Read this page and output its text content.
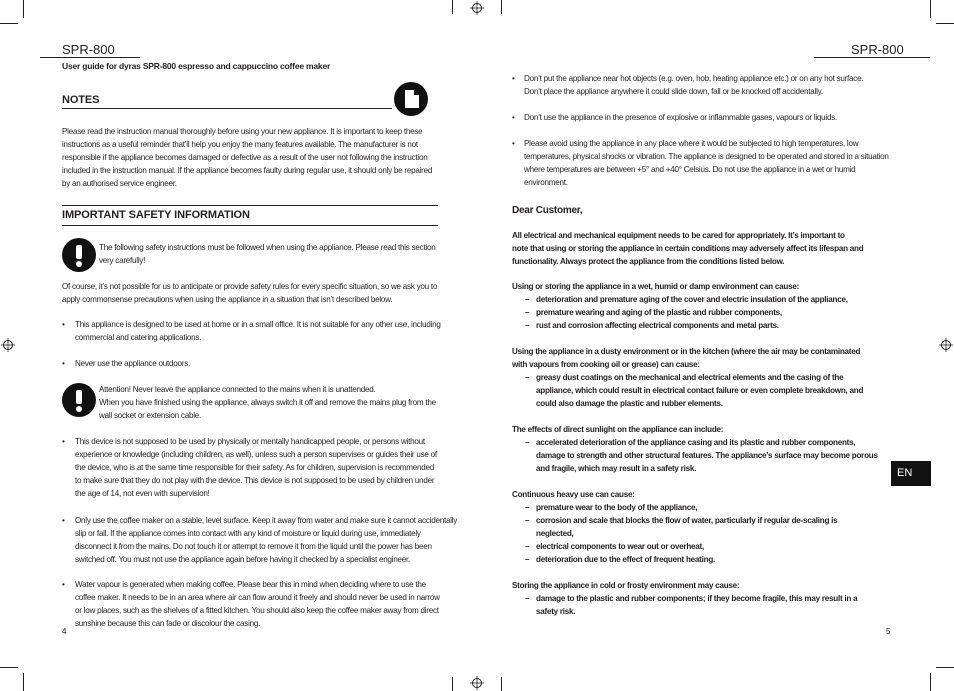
SPR-800
User guide for dyras SPR-800 espresso and cappuccino coffee maker
NOTES
Please read the instruction manual thoroughly before using your new appliance. It is important to keep these
instructions as a useful reminder that’ll help you enjoy the many features available. The manufacturer is not
responsible if the appliance becomes damaged or defective as a result of the user not following the instruction
included in the instruction manual. If the appliance becomes faulty during regular use, it should only be repaired
by an authorised service engineer.
IMPORTANT SAFETY INFORMATION
The following safety instructions must be followed when using the appliance. Please read this section
very carefully!
Of course, it’s not possible for us to anticipate or provide safety rules for every specific situation, so we ask you to
apply commonsense precautions when using the appliance in a situation that isn’t described below.
• This appliance is designed to be used at home or in a small office. It is not suitable for any other use, including
commercial and catering applications.
• Never use the appliance outdoors.
Attention! Never leave the appliance connected to the mains when it is unattended.
When you have finished using the appliance, always switch it off and remove the mains plug from the
wall socket or extension cable.
• This device is not supposed to be used by physically or mentally handicapped people, or persons without
experience or knowledge (including children, as well), unless such a person supervises or guides their use of
the device, who is at the same time responsible for their safety. As for children, supervision is recommended
to make sure that they do not play with the device. This device is not supposed to be used by children under
the age of 14, not even with supervision!
• Only use the coffee maker on a stable, level surface. Keep it away from water and make sure it cannot accidentally
slip or fall. If the appliance comes into contact with any kind of moisture or liquid during use, immediately
disconnect it from the mains. Do not touch it or attempt to remove it from the liquid until the power has been
switched off. You must not use the appliance again before having it checked by a specialist engineer.
• Water vapour is generated when making coffee. Please bear this in mind when deciding where to use the
coffee maker. It needs to be in an area where air can flow around it freely and should never be used in narrow
or low places, such as the shelves of a fitted kitchen. You should also keep the coffee maker away from direct
sunshine because this can fade or discolour the casing.
4
SPR-800
• Don’t put the appliance near hot objects (e.g. oven, hob, heating appliance etc.) or on any hot surface.
Don’t place the appliance anywhere it could slide down, fall or be knocked off accidentally.
• Don’t use the appliance in the presence of explosive or inflammable gases, vapours or liquids.
• Please avoid using the appliance in any place where it would be subjected to high temperatures, low
temperatures, physical shocks or vibration. The appliance is designed to be operated and stored in a situation
where temperatures are between +5° and +40° Celsius. Do not use the appliance in a wet or humid
environment.
Dear Customer,
All electrical and mechanical equipment needs to be cared for appropriately. It’s important to
note that using or storing the appliance in certain conditions may adversely affect its lifespan and
functionality. Always protect the appliance from the conditions listed below.
Using or storing the appliance in a wet, humid or damp environment can cause:
– deterioration and premature aging of the cover and electric insulation of the appliance,
– premature wearing and aging of the plastic and rubber components,
– rust and corrosion affecting electrical components and metal parts.
Using the appliance in a dusty environment or in the kitchen (where the air may be contaminated
with vapours from cooking oil or grease) can cause:
– greasy dust coatings on the mechanical and electrical elements and the casing of the
appliance, which could result in electrical contact failure or even complete breakdown, and
could also damage the plastic and rubber elements.
The effects of direct sunlight on the appliance can include:
– accelerated deterioration of the appliance casing and its plastic and rubber components,
damage to strength and other structural features. The appliance’s surface may become porous
and fragile, which may result in a safety risk.
Continuous heavy use can cause:
– premature wear to the body of the appliance,
– corrosion and scale that blocks the flow of water, particularly if regular de-scaling is
neglected,
– electrical components to wear out or overheat,
– deterioration due to the effect of frequent heating.
Storing the appliance in cold or frosty environment may cause:
– damage to the plastic and rubber components; if they become fragile, this may result in a
safety risk.
5
EN
